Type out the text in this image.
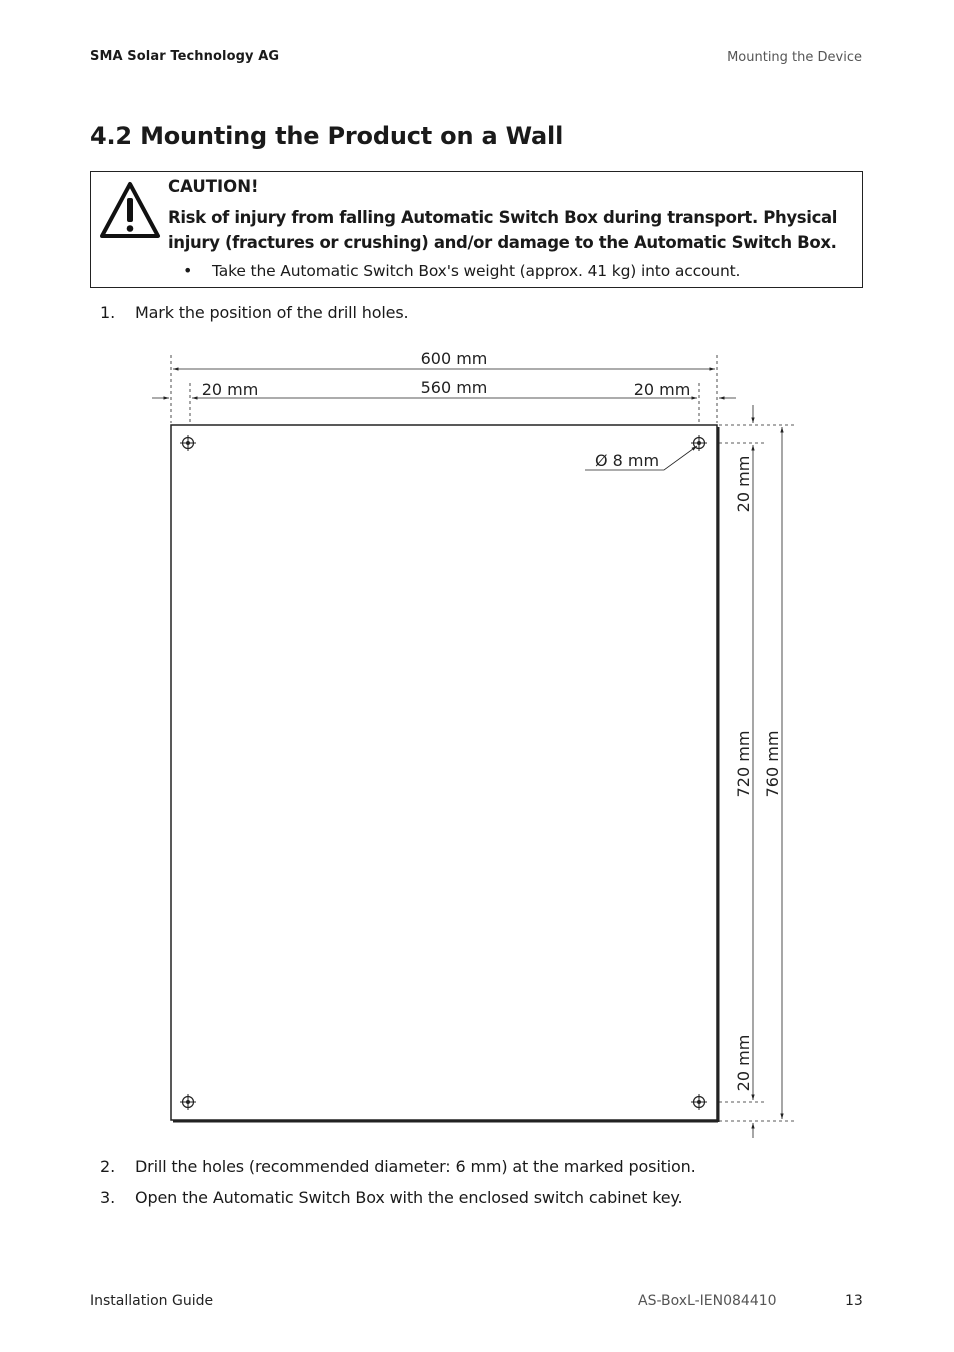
SMA Solar Technology AG	Mounting the Device
4.2 Mounting the Product on a Wall
CAUTION!
Risk of injury from falling Automatic Switch Box during transport. Physical injury (fractures or crushing) and/or damage to the Automatic Switch Box.
• Take the Automatic Switch Box's weight (approx. 41 kg) into account.
1. Mark the position of the drill holes.
600 mm
560 mm
20 mm	20 mm
Ø 8 mm	20 mm
720 mm 760 mm
20 mm
2. Drill the holes (recommended diameter: 6 mm) at the marked position.
3. Open the Automatic Switch Box with the enclosed switch cabinet key.
Installation Guide	AS-BoxL-IEN084410	13
